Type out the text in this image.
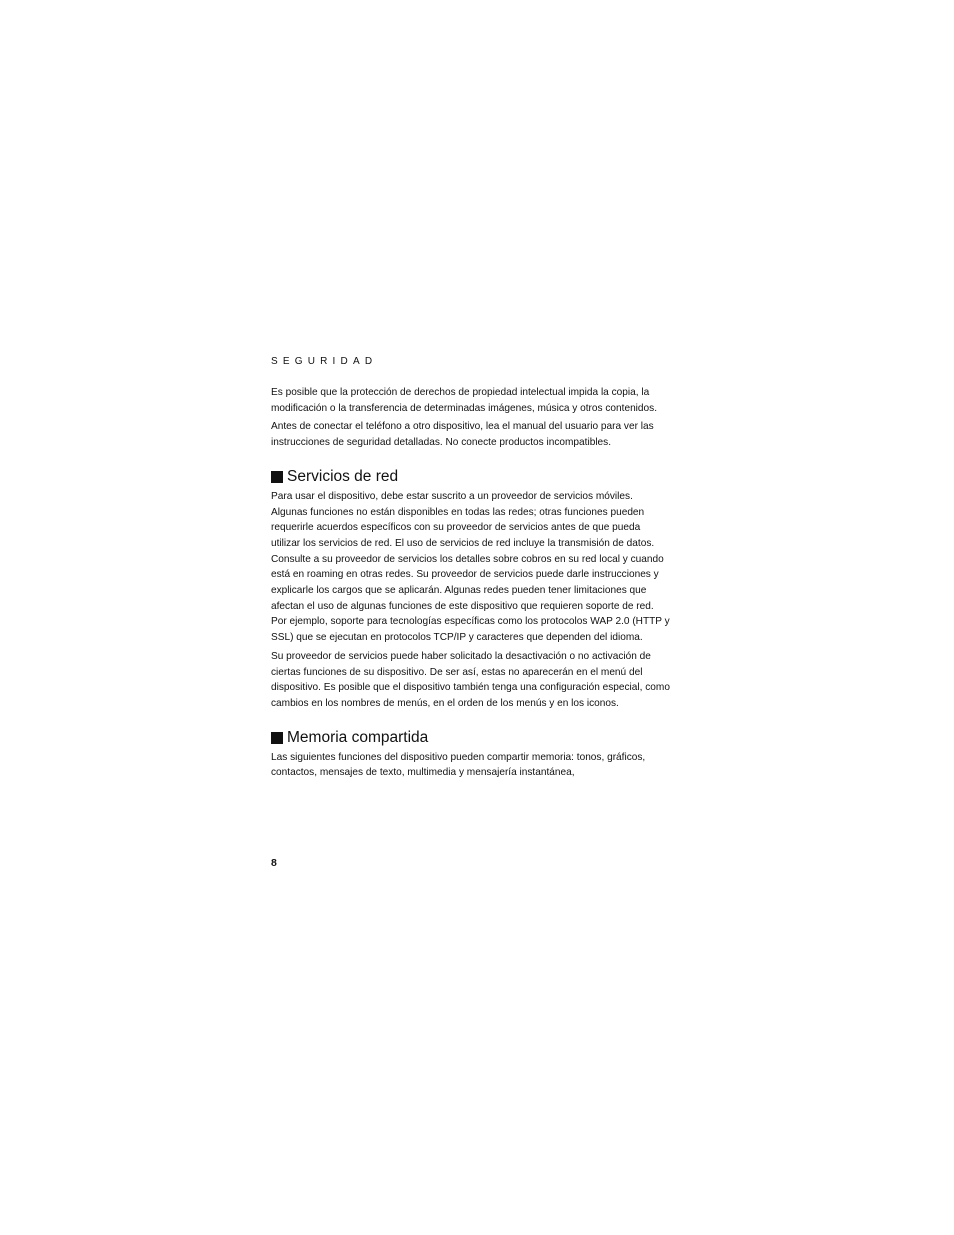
SEGURIDAD

Es posible que la protección de derechos de propiedad intelectual impida la copia, la modificación o la transferencia de determinadas imágenes, música y otros contenidos.

Antes de conectar el teléfono a otro dispositivo, lea el manual del usuario para ver las instrucciones de seguridad detalladas. No conecte productos incompatibles.

Servicios de red

Para usar el dispositivo, debe estar suscrito a un proveedor de servicios móviles. Algunas funciones no están disponibles en todas las redes; otras funciones pueden requerirle acuerdos específicos con su proveedor de servicios antes de que pueda utilizar los servicios de red. El uso de servicios de red incluye la transmisión de datos. Consulte a su proveedor de servicios los detalles sobre cobros en su red local y cuando está en roaming en otras redes. Su proveedor de servicios puede darle instrucciones y explicarle los cargos que se aplicarán. Algunas redes pueden tener limitaciones que afectan el uso de algunas funciones de este dispositivo que requieren soporte de red. Por ejemplo, soporte para tecnologías específicas como los protocolos WAP 2.0 (HTTP y SSL) que se ejecutan en protocolos TCP/IP y caracteres que dependen del idioma.

Su proveedor de servicios puede haber solicitado la desactivación o no activación de ciertas funciones de su dispositivo. De ser así, estas no aparecerán en el menú del dispositivo. Es posible que el dispositivo también tenga una configuración especial, como cambios en los nombres de menús, en el orden de los menús y en los iconos.

Memoria compartida

Las siguientes funciones del dispositivo pueden compartir memoria: tonos, gráficos, contactos, mensajes de texto, multimedia y mensajería instantánea,

8
